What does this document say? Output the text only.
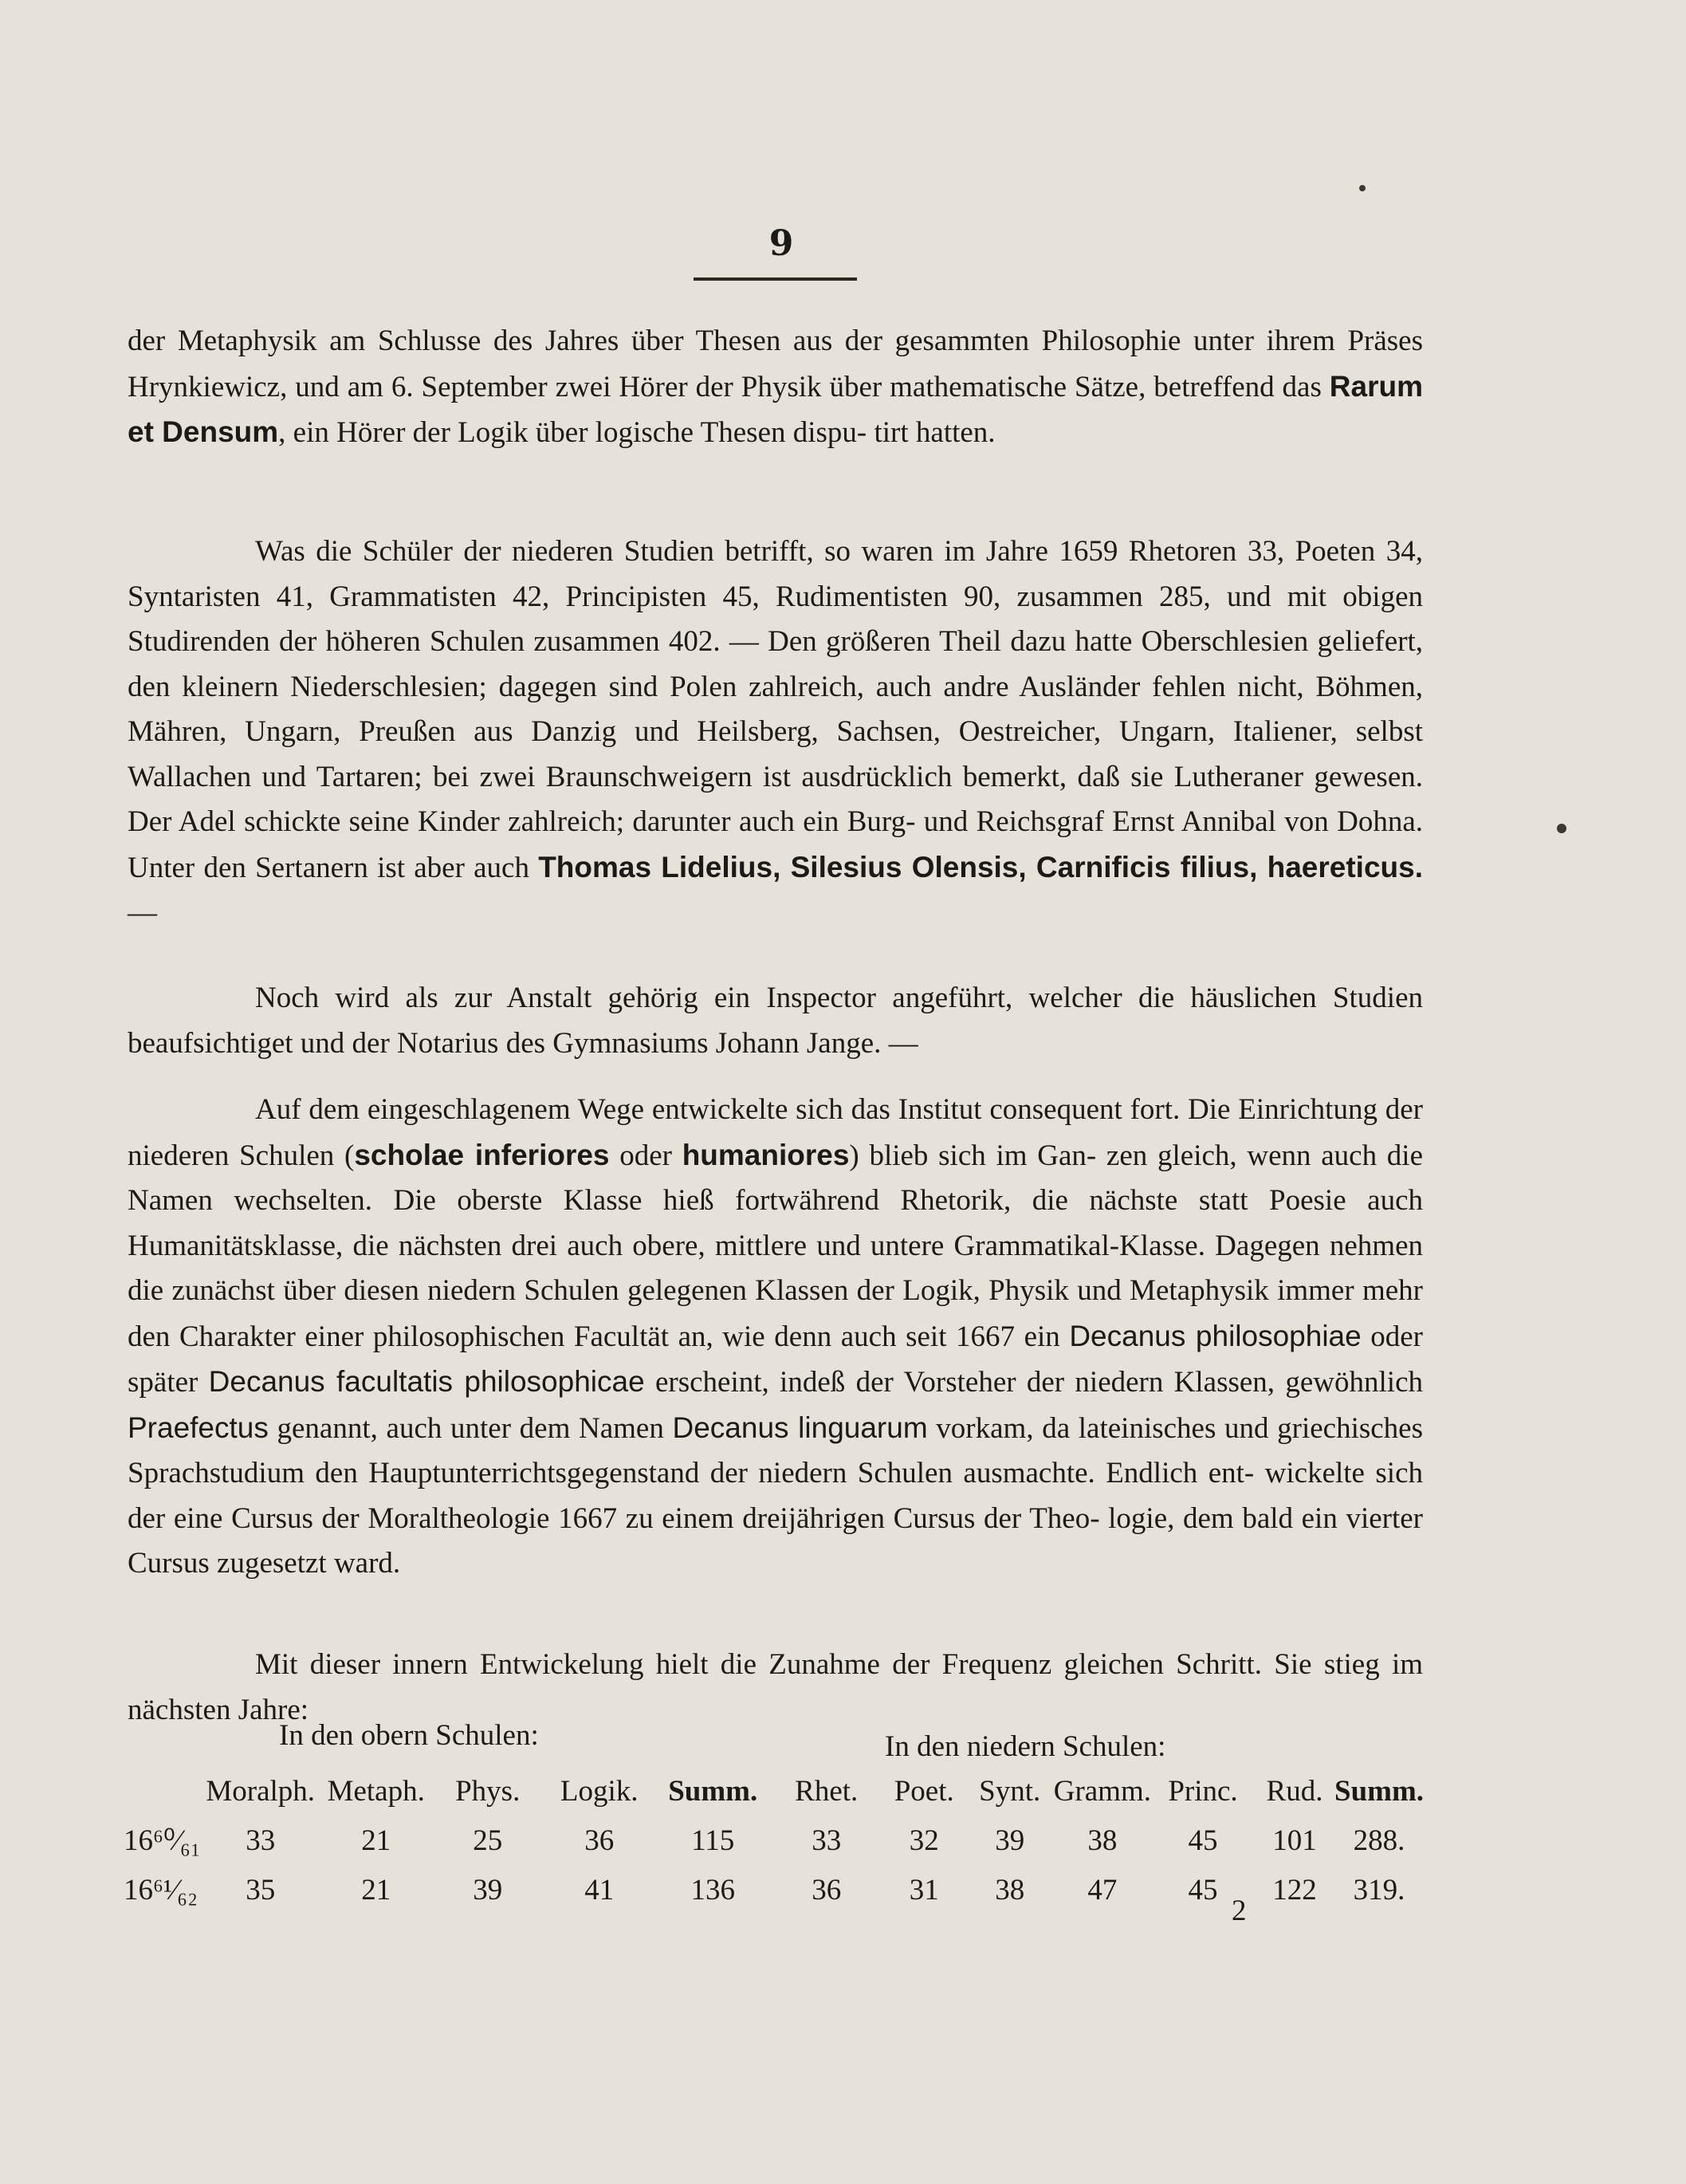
9

der Metaphysik am Schlusse des Jahres über Thesen aus der gesammten Philosophie unter ihrem Präses Hrynkiewicz, und am 6. September zwei Hörer der Physik über mathematische Sätze, betreffend das Rarum et Densum, ein Hörer der Logik über logische Thesen dispu- tirt hatten.

Was die Schüler der niederen Studien betrifft, so waren im Jahre 1659 Rhetoren 33, Poeten 34, Syntaristen 41, Grammatisten 42, Principisten 45, Rudimentisten 90, zusammen 285, und mit obigen Studirenden der höheren Schulen zusammen 402. — Den größeren Theil dazu hatte Oberschlesien geliefert, den kleinern Niederschlesien; dagegen sind Polen zahlreich, auch andre Ausländer fehlen nicht, Böhmen, Mähren, Ungarn, Preußen aus Danzig und Heilsberg, Sachsen, Oestreicher, Ungarn, Italiener, selbst Wallachen und Tartaren; bei zwei Braunschweigern ist ausdrücklich bemerkt, daß sie Lutheraner gewesen. Der Adel schickte seine Kinder zahlreich; darunter auch ein Burg- und Reichsgraf Ernst Annibal von Dohna. Unter den Sertanern ist aber auch Thomas Lidelius, Silesius Olensis, Carnificis filius, haereticus. —

Noch wird als zur Anstalt gehörig ein Inspector angeführt, welcher die häuslichen Studien beaufsichtiget und der Notarius des Gymnasiums Johann Jange. —

Auf dem eingeschlagenem Wege entwickelte sich das Institut consequent fort. Die Einrichtung der niederen Schulen (scholae inferiores oder humaniores) blieb sich im Gan- zen gleich, wenn auch die Namen wechselten. Die oberste Klasse hieß fortwährend Rhetorik, die nächste statt Poesie auch Humanitätsklasse, die nächsten drei auch obere, mittlere und untere Grammatikal-Klasse. Dagegen nehmen die zunächst über diesen niedern Schulen gelegenen Klassen der Logik, Physik und Metaphysik immer mehr den Charakter einer philosophischen Facultät an, wie denn auch seit 1667 ein Decanus philosophiae oder später Decanus facultatis philosophicae erscheint, indeß der Vorsteher der niedern Klassen, gewöhnlich Praefectus genannt, auch unter dem Namen Decanus linguarum vorkam, da lateinisches und griechisches Sprachstudium den Hauptunterrichtsgegenstand der niedern Schulen ausmachte. Endlich ent- wickelte sich der eine Cursus der Moraltheologie 1667 zu einem dreijährigen Cursus der Theo- logie, dem bald ein vierter Cursus zugesetzt ward.

Mit dieser innern Entwickelung hielt die Zunahme der Frequenz gleichen Schritt. Sie stieg im nächsten Jahre:

In den obern Schulen:	In den niedern Schulen:
	Moralph.	Metaph.	Phys.	Logik.	Summ.	Rhet.	Poet.	Synt.	Gramm.	Princ.	Rud.	Summ.
16⁶⁰⁄₆₁	33	21	25	36	115	33	32	39	38	45	101	288.
16⁶¹⁄₆₂	35	21	39	41	136	36	31	38	47	45	122	319.
2
